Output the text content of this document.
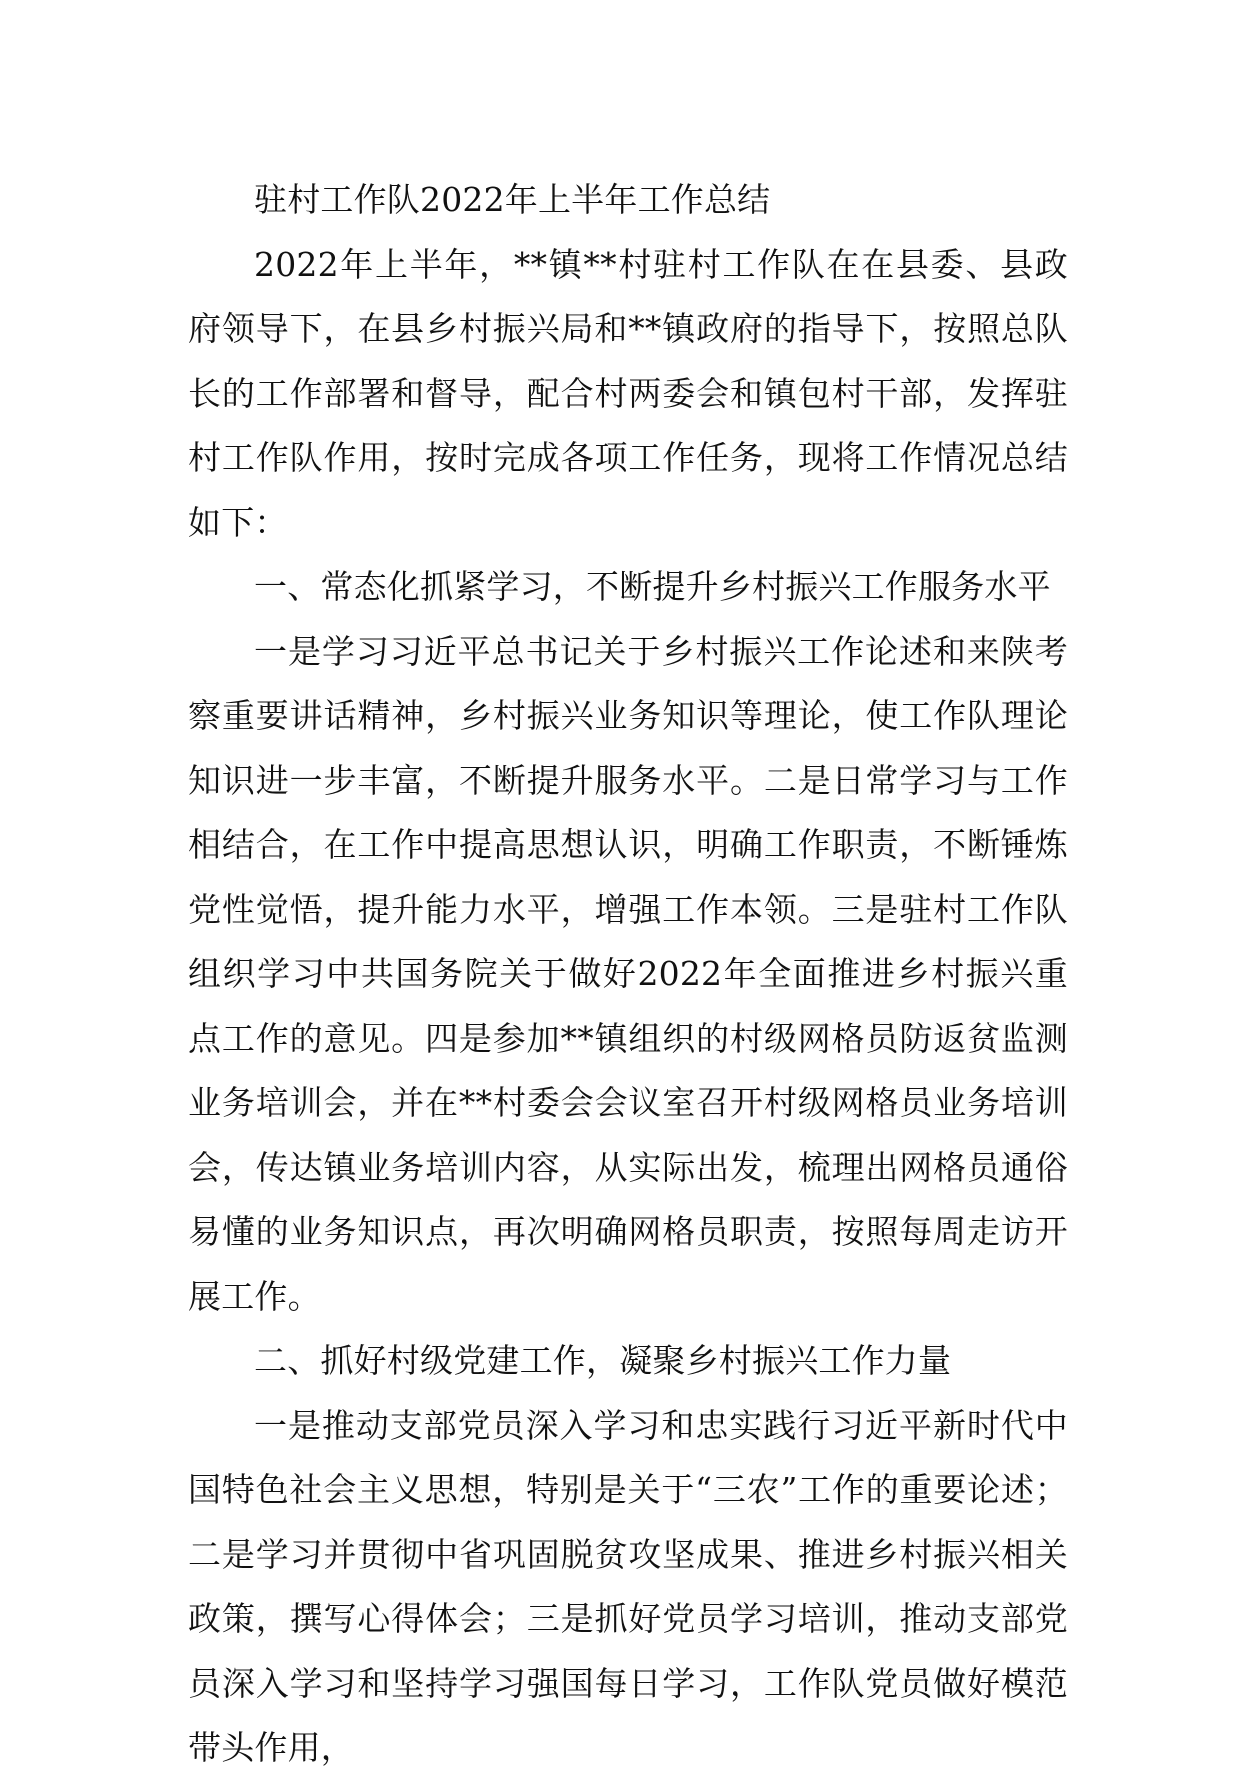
驻村工作队2022年上半年工作总结

2022年上半年，**镇**村驻村工作队在在县委、县政府领导下，在县乡村振兴局和**镇政府的指导下，按照总队长的工作部署和督导，配合村两委会和镇包村干部，发挥驻村工作队作用，按时完成各项工作任务，现将工作情况总结如下：

一、常态化抓紧学习，不断提升乡村振兴工作服务水平

一是学习习近平总书记关于乡村振兴工作论述和来陕考察重要讲话精神，乡村振兴业务知识等理论，使工作队理论知识进一步丰富，不断提升服务水平。二是日常学习与工作相结合，在工作中提高思想认识，明确工作职责，不断锤炼党性觉悟，提升能力水平，增强工作本领。三是驻村工作队组织学习中共国务院关于做好2022年全面推进乡村振兴重点工作的意见。四是参加**镇组织的村级网格员防返贫监测业务培训会，并在**村委会会议室召开村级网格员业务培训会，传达镇业务培训内容，从实际出发，梳理出网格员通俗易懂的业务知识点，再次明确网格员职责，按照每周走访开展工作。

二、抓好村级党建工作，凝聚乡村振兴工作力量

一是推动支部党员深入学习和忠实践行习近平新时代中国特色社会主义思想，特别是关于“三农”工作的重要论述；二是学习并贯彻中省巩固脱贫攻坚成果、推进乡村振兴相关政策，撰写心得体会；三是抓好党员学习培训，推动支部党员深入学习和坚持学习强国每日学习，工作队党员做好模范带头作用，
